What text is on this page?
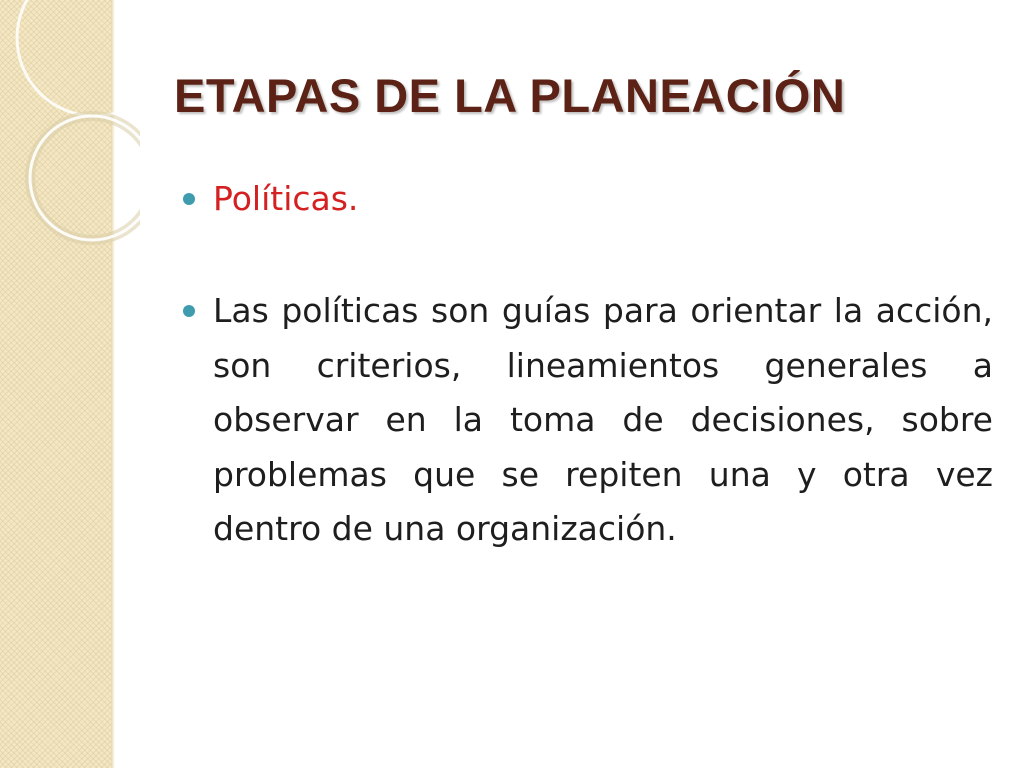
ETAPAS DE LA PLANEACIÓN
Políticas.
Las políticas son guías para orientar la acción, son criterios, lineamientos generales a observar en la toma de decisiones, sobre problemas que se repiten una y otra vez dentro de una organización.
